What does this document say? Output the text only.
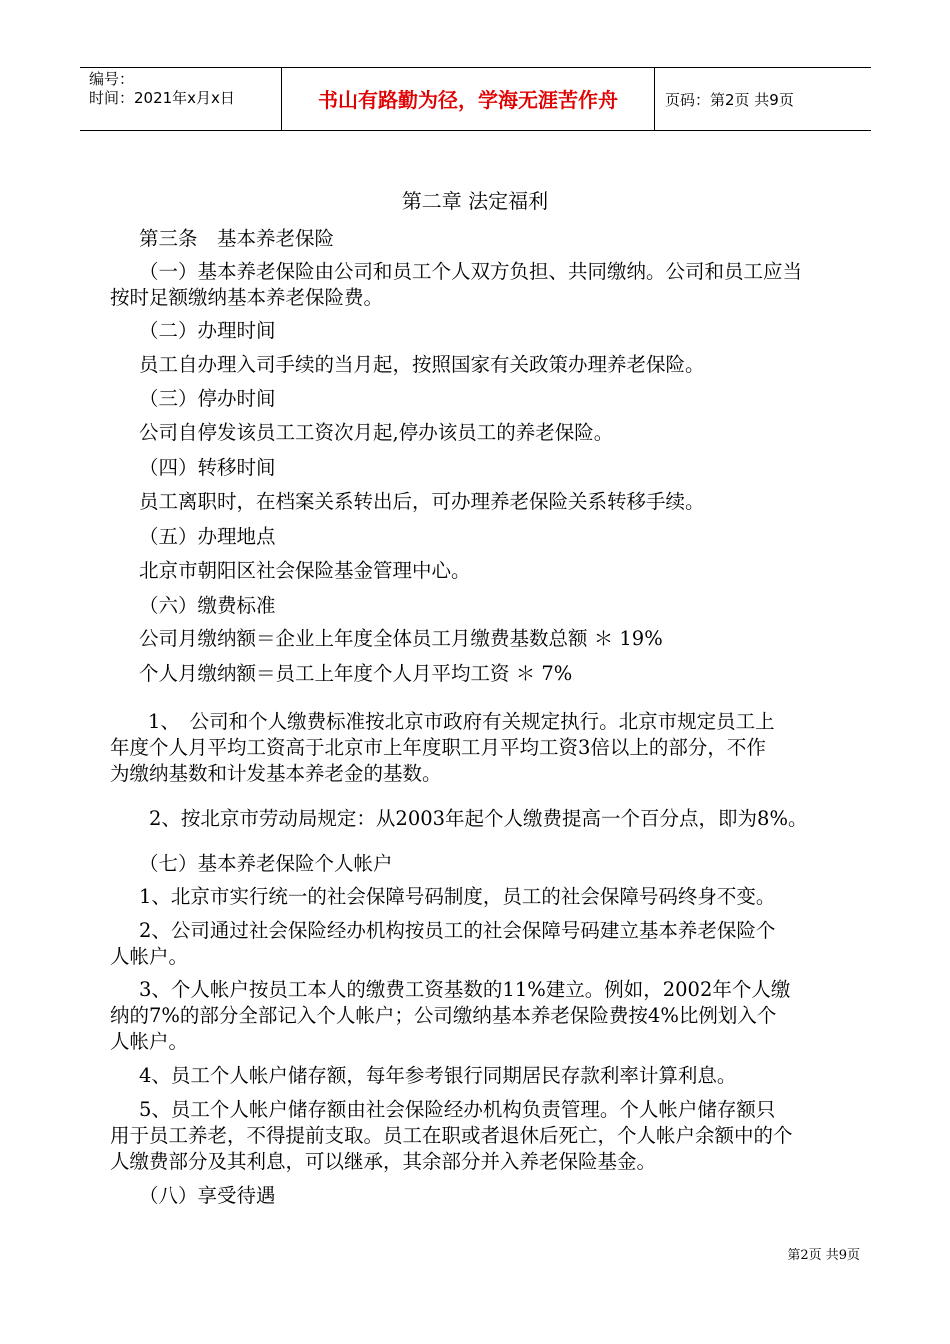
编号：
时间：2021年x月x日	书山有路勤为径，学海无涯苦作舟	页码：第2页 共9页
第二章 法定福利
第三条　基本养老保险
（一）基本养老保险由公司和员工个人双方负担、共同缴纳。公司和员工应当
按时足额缴纳基本养老保险费。
（二）办理时间
员工自办理入司手续的当月起，按照国家有关政策办理养老保险。
（三）停办时间
公司自停发该员工工资次月起,停办该员工的养老保险。
（四）转移时间
员工离职时，在档案关系转出后，可办理养老保险关系转移手续。
（五）办理地点
北京市朝阳区社会保险基金管理中心。
（六）缴费标准
公司月缴纳额＝企业上年度全体员工月缴费基数总额 ＊ 19%
个人月缴纳额＝员工上年度个人月平均工资 ＊ 7%
1、　公司和个人缴费标准按北京市政府有关规定执行。北京市规定员工上
年度个人月平均工资高于北京市上年度职工月平均工资3倍以上的部分，不作
为缴纳基数和计发基本养老金的基数。
2、按北京市劳动局规定：从2003年起个人缴费提高一个百分点，即为8%。
（七）基本养老保险个人帐户
1、北京市实行统一的社会保障号码制度，员工的社会保障号码终身不变。
2、公司通过社会保险经办机构按员工的社会保障号码建立基本养老保险个
人帐户。
3、个人帐户按员工本人的缴费工资基数的11%建立。例如，2002年个人缴
纳的7%的部分全部记入个人帐户；公司缴纳基本养老保险费按4%比例划入个
人帐户。
4、员工个人帐户储存额，每年参考银行同期居民存款利率计算利息。
5、员工个人帐户储存额由社会保险经办机构负责管理。个人帐户储存额只
用于员工养老，不得提前支取。员工在职或者退休后死亡，个人帐户余额中的个
人缴费部分及其利息，可以继承，其余部分并入养老保险基金。
（八）享受待遇
第2页 共9页
